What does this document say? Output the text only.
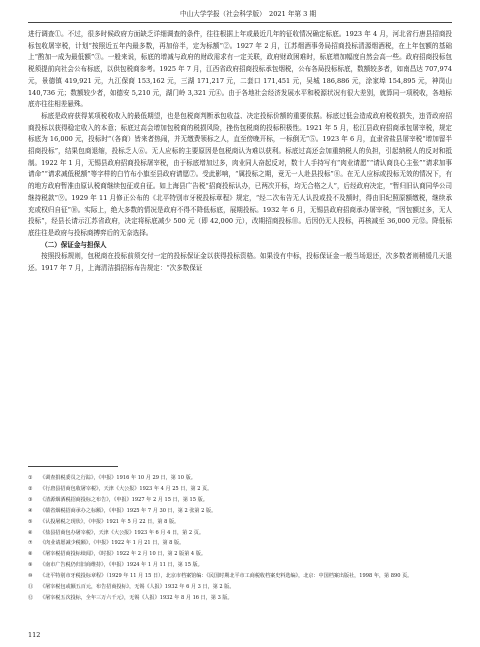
中山大学学报（社会科学版）　2021 年第 3 期

进行调查①。不过，很多时候政府方面缺乏详细调查的条件，往往根据上年或最近几年的征收情况确定标底。1923 年 4 月，河北省行唐县招商投标包收屠宰税，计划“按照近五年内最多数，再加倍半，定为标额”②。1927 年 2 月，江苏烟酒事务局招商投标清源烟酒税，在上年包额的基础上“酌加一成为最低额”③。一般来说，标底的增减与政府的财政需求有一定关联，政府财政困难时，标底增加幅度自然会高一些。政府招商投标包税须提前向社会公布标底，以供包税商参考。1925 年 7 月，江西省政府招商投标承包烟税，公布各局投标标底，数额较多者，如南昌达 707,974 元，景德镇 419,921 元，九江保商 153,162 元，三湖 171,217 元，二套口 171,451 元，吴城 186,886 元，涂家埠 154,895 元，神岗山 140,736 元；数额较少者，如德安 5,210 元，湖门岭 3,321 元④。由于各地社会经济发展水平和税源状况有很大差别，就算同一项税收，各地标底亦往往相差悬殊。

标底是政府获得某项税收收入的最低期望，也是包税商判断承包收益、决定投标价额的重要依据。标底过低会造成政府税收损失，违背政府招商投标以获得稳定收入的本意；标底过高会增加包税商的税损风险，挫伤包税商的投标积极性。1921 年 5 月，松江县政府招商承包屠宰税，规定标底为 16,000 元，投标时“（各商）皆来者热闹，并无缴费领标之人，直至傍晚开标，一标倒无”⑤。1923 年 6 月，直隶省盐县屠宰税“增加留半招商投标”，结果包商退缩，投标乏人⑥。无人应标的主要原因是包税商认为难以获利。标底过高还会加重纳税人的负担，引起纳税人的反对和抵制。1922 年 1 月，无锡县政府招商投标屠宰税，由于标底增加过多，肉业同人奋起反对，数十人手持写有“肉业请愿”“请认商良心主张”“请求加事请命”“请求减低税额”等字样的白竹布小旗至县政府请愿⑦。受此影响，“属投标之期，竟无一人赴县投标”⑧。在无人应标或投标无效的情况下，有的地方政府暂准由原认税商继续包征或自征。如上海县广告税“招商投标认办，已两次开标，均无合格之人”，后经政府决定，“暂归旧认商同华公司继持税款”⑨。1929 年 11 月修正公布的《北平特别市牙税投标章程》规定，“经二次布告无人认投或投不及额时，得由旧纪照原额缴税，继续承充或权归自征”⑩。实际上，绝大多数的情况是政府不得不降低标底，展期投标。1932 年 6 月，无锡县政府招商承办屠宰税，“因包额过多，无人投标”，经县长请示江苏省政府，决定将标底减少 500 元（即 42,000 元），改期招商投标⑪。后因仍无人投标，再核减至 36,000 元⑫。降低标底往往是政府与投标商搏弈后的无奈选择。

（二）保证金与担保人

按照投标规则，包税商在投标前须交付一定的投标保证金以获得投标资格。如果没有中标，投标保证金一般当场退还，次多数者则稍缓几天退还。1917 年 7 月，上海清洁捐招标布告规定：“次多数保证

①	《调查捐税委员之行踪》，《申报》1916 年 10 月 29 日，第 10 版。
②	《行唐县招商包收屠宰税》，天津《大公报》1923 年 4 月 25 日，第 2 页。
③	《清源烟酒税招商投标之布告》，《申报》1927 年 2 月 15 日，第 15 版。
④	《赣省烟税招商承办之标额》，《申报》1925 年 7 月 30 日，第 2 张第 2 版。
⑤	《认投屠税之现状》，《申报》1921 年 5 月 22 日，第 8 版。
⑥	《盐县招商包办屠宰税》，天津《大公报》1923 年 6 月 4 日，第 2 页。
⑦	《肉业请愿减少税额》，《申报》1922 年 1 月 21 日，第 8 版。
⑧	《屠宰税招商投标续闻》，《时报》1922 年 2 月 10 日，第 2 版第 4 版。
⑨	《南市广告税仍归旧商维持》，《申报》1924 年 1 月 11 日，第 15 版。
⑩	《北平特别市牙税投标章程》（1929 年 11 月 15 日），北京市档案馆编：《民国时期北平市工商税收档案史料选编》，北京：中国档案出版社，1998 年，第 890 页。
⑪	《屠宰税包或额五百元，布告招商投标》，无锡《人报》1932 年 6 月 3 日，第 2 版。
⑫	《屠宰税五次投标，全年三万六千元》，无锡《人报》1932 年 8 月 16 日，第 3 版。
112
